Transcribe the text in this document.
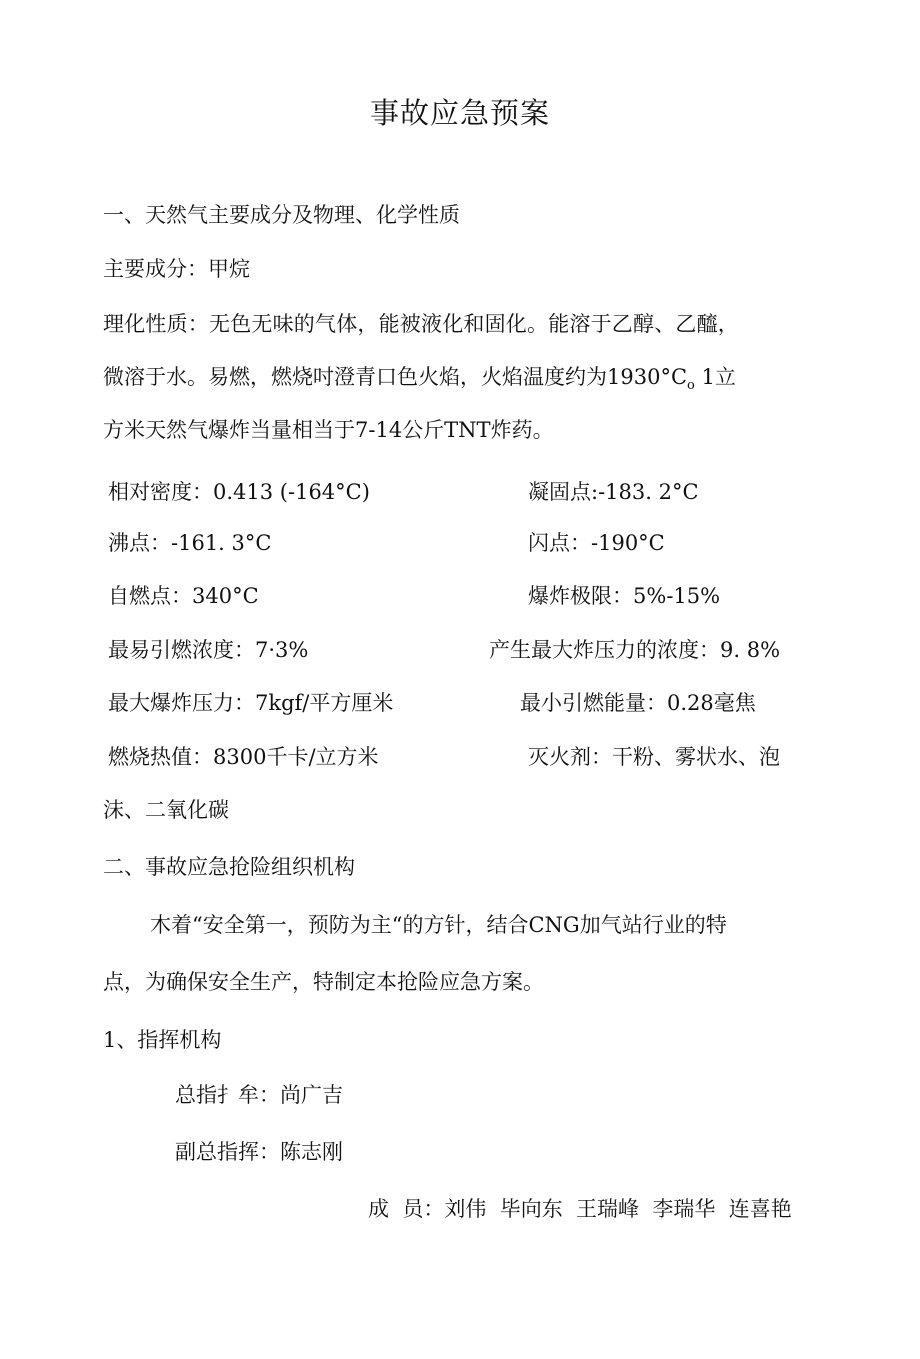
事故应急预案
一、天然气主要成分及物理、化学性质
主要成分：甲烷
理化性质：无色无味的气体，能被液化和固化。能溶于乙醇、乙醯，
微溶于水。易燃，燃烧吋澄青口色火焰，火焰温度约为$1930^\circ C_o$ 1立
方米天然气爆炸当量相当于7-14公斤TNT炸药。
相对密度：0.413 (-164°C)	凝固点:-183. 2°C
沸点：-161. 3°C	闪点：-190°C
自燃点：340°C	爆炸极限：5%-15%
最易引燃浓度：7·3%	产生最大炸压力的浓度：9. 8%
最大爆炸压力：7kgf/平方厘米	最小引燃能量：0.28毫焦
燃烧热值：8300千卡/立方米	灭火剂：干粉、雾状水、泡
沫、二氧化碳
二、事故应急抢险组织机构
木着“安全第一，预防为主“的方针，结合CNG加气站行业的特
点，为确保安全生产，特制定本抢险应急方案。
1、指挥机构
总指扌牟：尚广吉
副总指挥：陈志刚
成  员：刘伟  毕向东  王瑞峰  李瑞华  连喜艳
